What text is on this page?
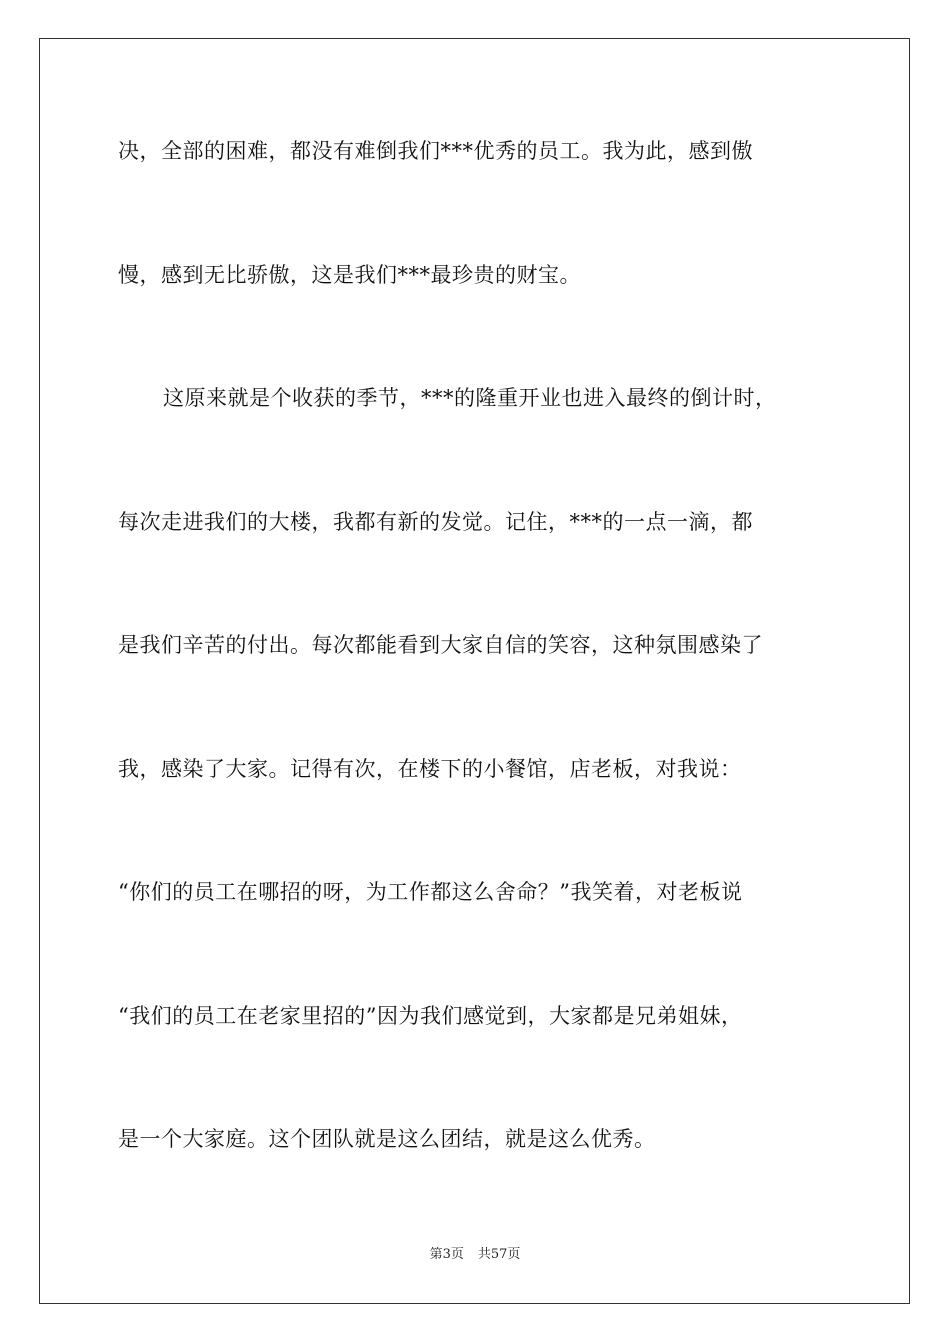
决，全部的困难，都没有难倒我们***优秀的员工。我为此，感到傲
慢，感到无比骄傲，这是我们***最珍贵的财宝。
这原来就是个收获的季节，***的隆重开业也进入最终的倒计时，
每次走进我们的大楼，我都有新的发觉。记住，***的一点一滴，都
是我们辛苦的付出。每次都能看到大家自信的笑容，这种氛围感染了
我，感染了大家。记得有次，在楼下的小餐馆，店老板，对我说：
“你们的员工在哪招的呀，为工作都这么舍命？”我笑着，对老板说
“我们的员工在老家里招的”因为我们感觉到，大家都是兄弟姐妹，
是一个大家庭。这个团队就是这么团结，就是这么优秀。
第3页 共57页
